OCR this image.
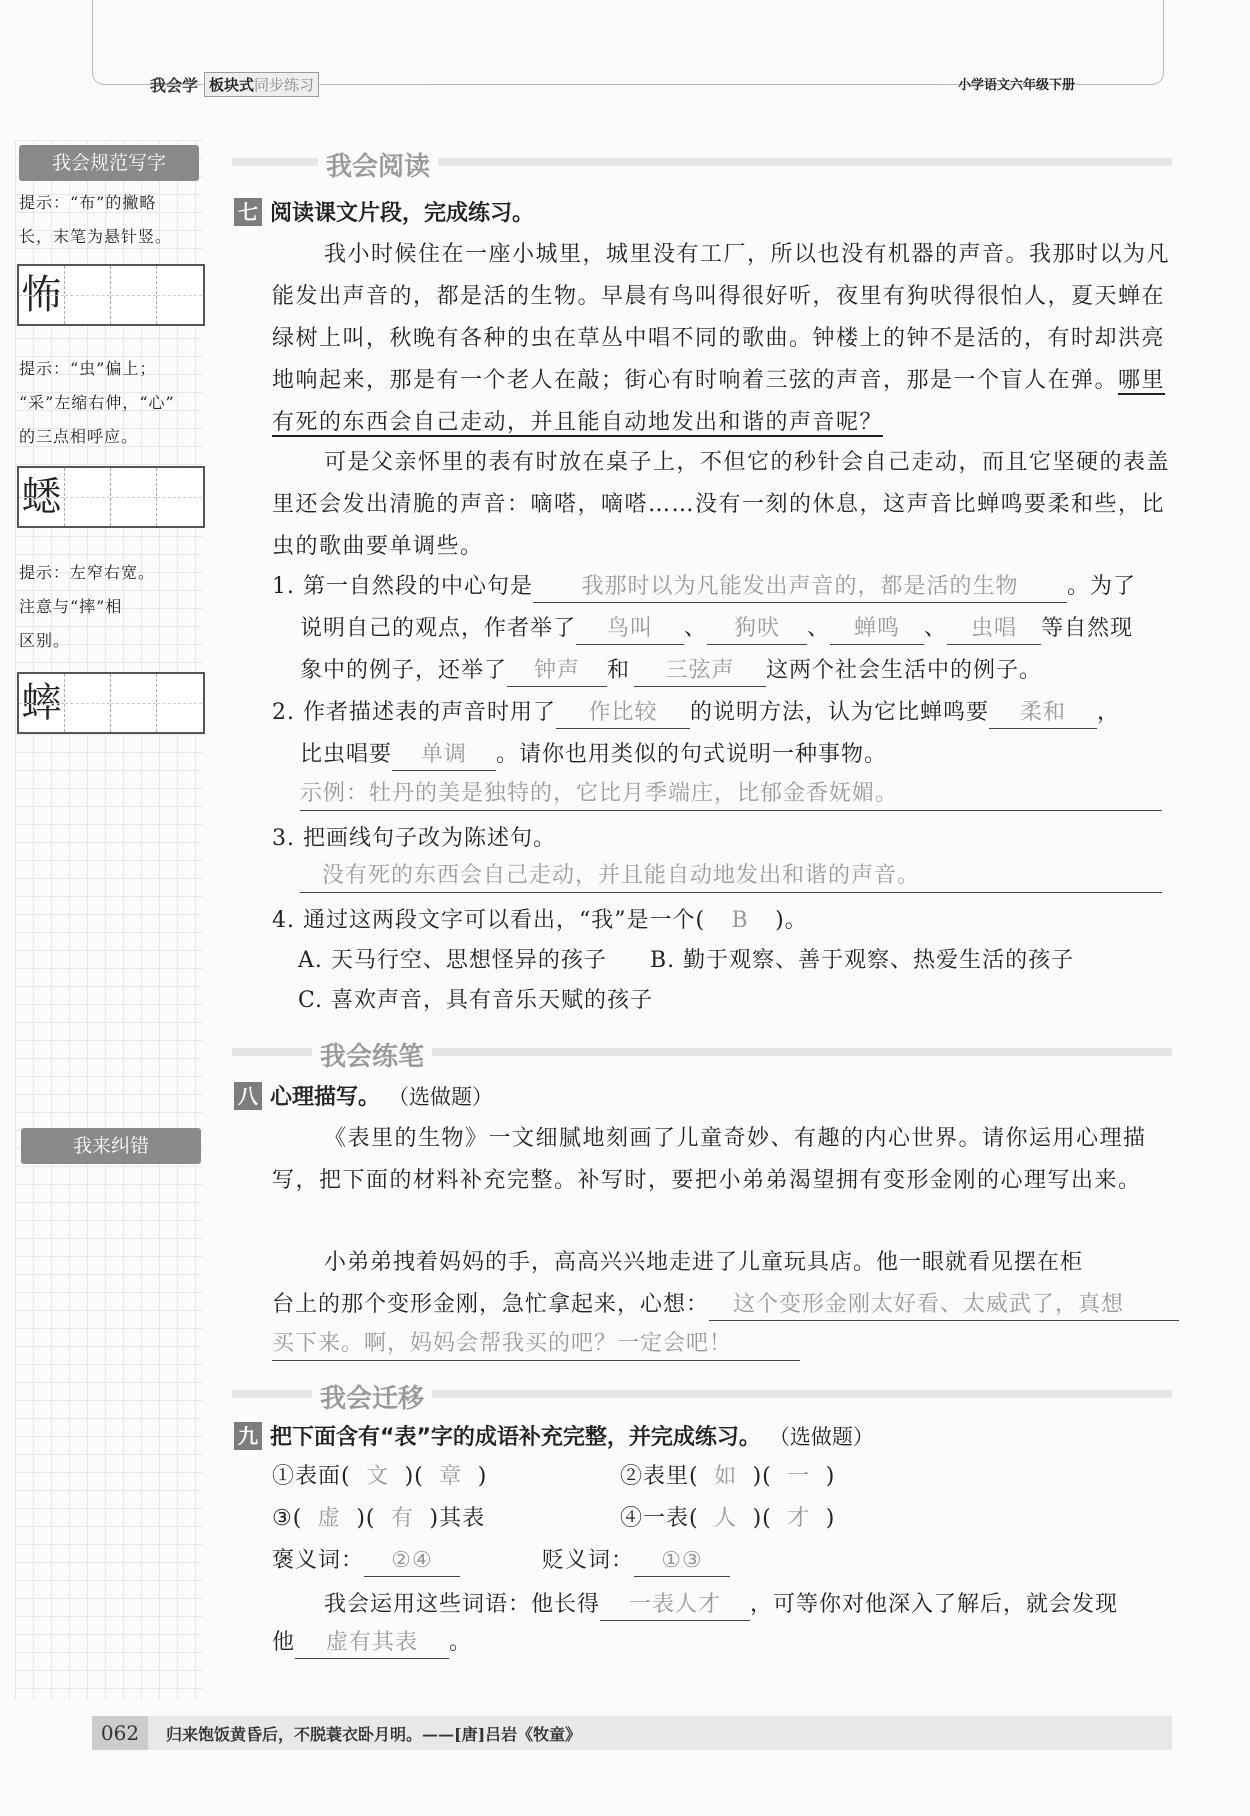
我会学 板块式同步练习	小学语文六年级下册
我会规范写字
提示：“布”的撇略
长，末笔为悬针竖。
怖
提示：“虫”偏上；
“采”左缩右伸，“心”
的三点相呼应。
蟋
提示：左窄右宽。
注意与“摔”相
区别。
蟀
我来纠错
我会阅读
七 阅读课文片段，完成练习。
我小时候住在一座小城里，城里没有工厂，所以也没有机器的声音。我那时以为凡能发出声音的，都是活的生物。早晨有鸟叫得很好听，夜里有狗吠得很怕人，夏天蝉在绿树上叫，秋晚有各种的虫在草丛中唱不同的歌曲。钟楼上的钟不是活的，有时却洪亮地响起来，那是有一个老人在敲；街心有时响着三弦的声音，那是一个盲人在弹。哪里有死的东西会自己走动，并且能自动地发出和谐的声音呢？
可是父亲怀里的表有时放在桌子上，不但它的秒针会自己走动，而且它坚硬的表盖里还会发出清脆的声音：嘀嗒，嘀嗒……没有一刻的休息，这声音比蝉鸣要柔和些，比虫的歌曲要单调些。
1. 第一自然段的中心句是 我那时以为凡能发出声音的，都是活的生物 。为了
说明自己的观点，作者举了 鸟叫 、 狗吠 、 蝉鸣 、 虫唱 等自然现
象中的例子，还举了 钟声 和 三弦声 这两个社会生活中的例子。
2. 作者描述表的声音时用了 作比较 的说明方法，认为它比蝉鸣要 柔和 ，
比虫唱要 单调 。请你也用类似的句式说明一种事物。
示例：牡丹的美是独特的，它比月季端庄，比郁金香妩媚。
3. 把画线句子改为陈述句。
没有死的东西会自己走动，并且能自动地发出和谐的声音。
4. 通过这两段文字可以看出，“我”是一个( B )。
A. 天马行空、思想怪异的孩子 B. 勤于观察、善于观察、热爱生活的孩子
C. 喜欢声音，具有音乐天赋的孩子
我会练笔
八 心理描写。 （选做题）
《表里的生物》一文细腻地刻画了儿童奇妙、有趣的内心世界。请你运用心理描写，把下面的材料补充完整。补写时，要把小弟弟渴望拥有变形金刚的心理写出来。
小弟弟拽着妈妈的手，高高兴兴地走进了儿童玩具店。他一眼就看见摆在柜
台上的那个变形金刚，急忙拿起来，心想： 这个变形金刚太好看、太威武了，真想
买下来。啊，妈妈会帮我买的吧？一定会吧！
我会迁移
九 把下面含有“表”字的成语补充完整，并完成练习。 （选做题）
①表面( 文 )( 章 )	②表里( 如 )( 一 )
③( 虚 )( 有 )其表	④一表( 人 )( 才 )
褒义词： ②④	贬义词： ①③
我会运用这些词语：他长得 一表人才 ，可等你对他深入了解后，就会发现
他 虚有其表 。
062	归来饱饭黄昏后，不脱蓑衣卧月明。——[唐]吕岩《牧童》
